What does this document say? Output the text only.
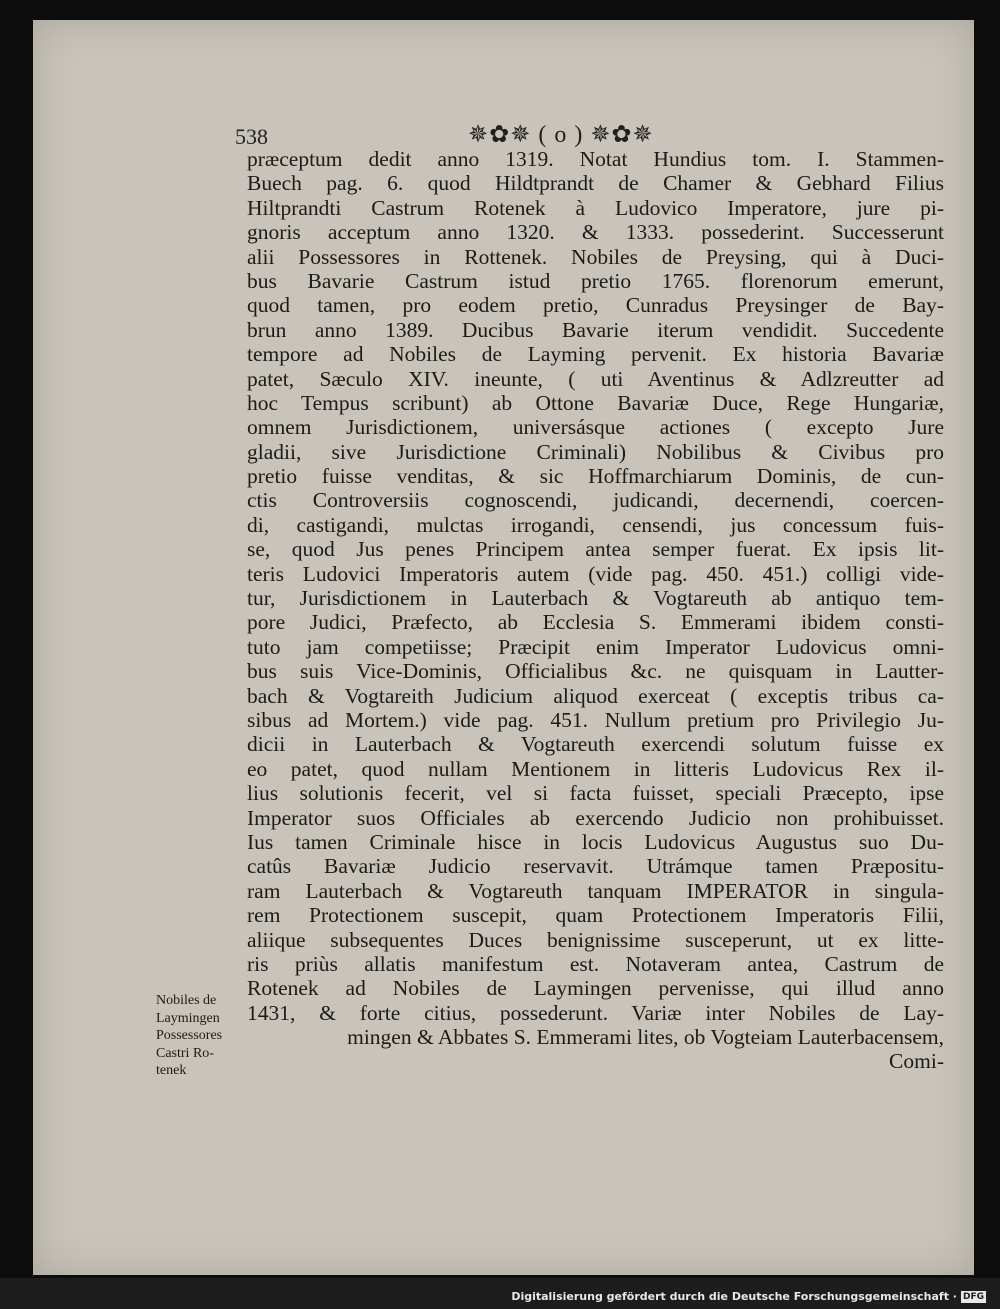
538	✵✿✵ ( o ) ✵✿✵
præceptum dedit anno 1319. Notat Hundius tom. I. Stammen-
Buech pag. 6. quod Hildtprandt de Chamer & Gebhard Filius
Hiltprandti Castrum Rotenek à Ludovico Imperatore, jure pi-
gnoris acceptum anno 1320. & 1333. possederint. Successerunt
alii Possessores in Rottenek. Nobiles de Preysing, qui à Duci-
bus Bavarie Castrum istud pretio 1765. florenorum emerunt,
quod tamen, pro eodem pretio, Cunradus Preysinger de Bay-
brun anno 1389. Ducibus Bavarie iterum vendidit. Succedente
tempore ad Nobiles de Layming pervenit. Ex historia Bavariæ
patet, Sæculo XIV. ineunte, ( uti Aventinus & Adlzreutter ad
hoc Tempus scribunt) ab Ottone Bavariæ Duce, Rege Hungariæ,
omnem Jurisdictionem, universásque actiones ( excepto Jure
gladii, sive Jurisdictione Criminali) Nobilibus & Civibus pro
pretio fuisse venditas, & sic Hoffmarchiarum Dominis, de cun-
ctis Controversiis cognoscendi, judicandi, decernendi, coercen-
di, castigandi, mulctas irrogandi, censendi, jus concessum fuis-
se, quod Jus penes Principem antea semper fuerat. Ex ipsis lit-
teris Ludovici Imperatoris autem (vide pag. 450. 451.) colligi vide-
tur, Jurisdictionem in Lauterbach & Vogtareuth ab antiquo tem-
pore Judici, Præfecto, ab Ecclesia S. Emmerami ibidem consti-
tuto jam competiisse; Præcipit enim Imperator Ludovicus omni-
bus suis Vice-Dominis, Officialibus &c. ne quisquam in Lautter-
bach & Vogtareith Judicium aliquod exerceat ( exceptis tribus ca-
sibus ad Mortem.) vide pag. 451. Nullum pretium pro Privilegio Ju-
dicii in Lauterbach & Vogtareuth exercendi solutum fuisse ex
eo patet, quod nullam Mentionem in litteris Ludovicus Rex il-
lius solutionis fecerit, vel si facta fuisset, speciali Præcepto, ipse
Imperator suos Officiales ab exercendo Judicio non prohibuisset.
Ius tamen Criminale hisce in locis Ludovicus Augustus suo Du-
catûs Bavariæ Judicio reservavit. Utrámque tamen Præpositu-
ram Lauterbach & Vogtareuth tanquam IMPERATOR in singula-
rem Protectionem suscepit, quam Protectionem Imperatoris Filii,
aliique subsequentes Duces benignissime susceperunt, ut ex litte-
ris priùs allatis manifestum est. Notaveram antea, Castrum de
Rotenek ad Nobiles de Laymingen pervenisse, qui illud anno
1431, & forte citius, possederunt. Variæ inter Nobiles de Lay-
mingen & Abbates S. Emmerami lites, ob Vogteiam Lauterbacensem,
Comi-
Nobiles de
Laymingen
Possessores
Castri Ro-
tenek
Digitalisierung gefördert durch die Deutsche Forschungsgemeinschaft · DFG
